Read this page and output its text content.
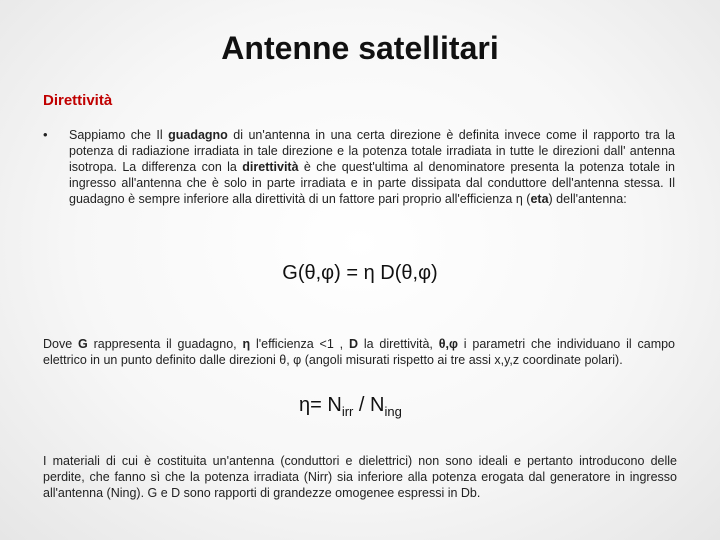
Antenne satellitari
Direttività
• Sappiamo che Il guadagno di un'antenna in una certa direzione è definita invece come il rapporto tra la potenza di radiazione irradiata in tale direzione e la potenza totale irradiata in tutte le direzioni dall' antenna isotropa. La differenza con la direttività è che quest'ultima al denominatore presenta la potenza totale in ingresso all'antenna che è solo in parte irradiata e in parte dissipata dal conduttore dell'antenna stessa. Il guadagno è sempre inferiore alla direttività di un fattore pari proprio all'efficienza η (eta) dell'antenna:

G(θ,φ) = η D(θ,φ)

Dove G rappresenta il guadagno, η l'efficienza <1 , D la direttività, θ,φ i parametri che individuano il campo elettrico in un punto definito dalle direzioni θ, φ (angoli misurati rispetto ai tre assi x,y,z coordinate polari).

$\eta= N_{irr} / N_{ing}$

I materiali di cui è costituita un'antenna (conduttori e dielettrici) non sono ideali e pertanto introducono delle perdite, che fanno sì che la potenza irradiata (Nirr) sia inferiore alla potenza erogata dal generatore in ingresso all'antenna (Ning). G e D sono rapporti di grandezze omogenee espressi in Db.
